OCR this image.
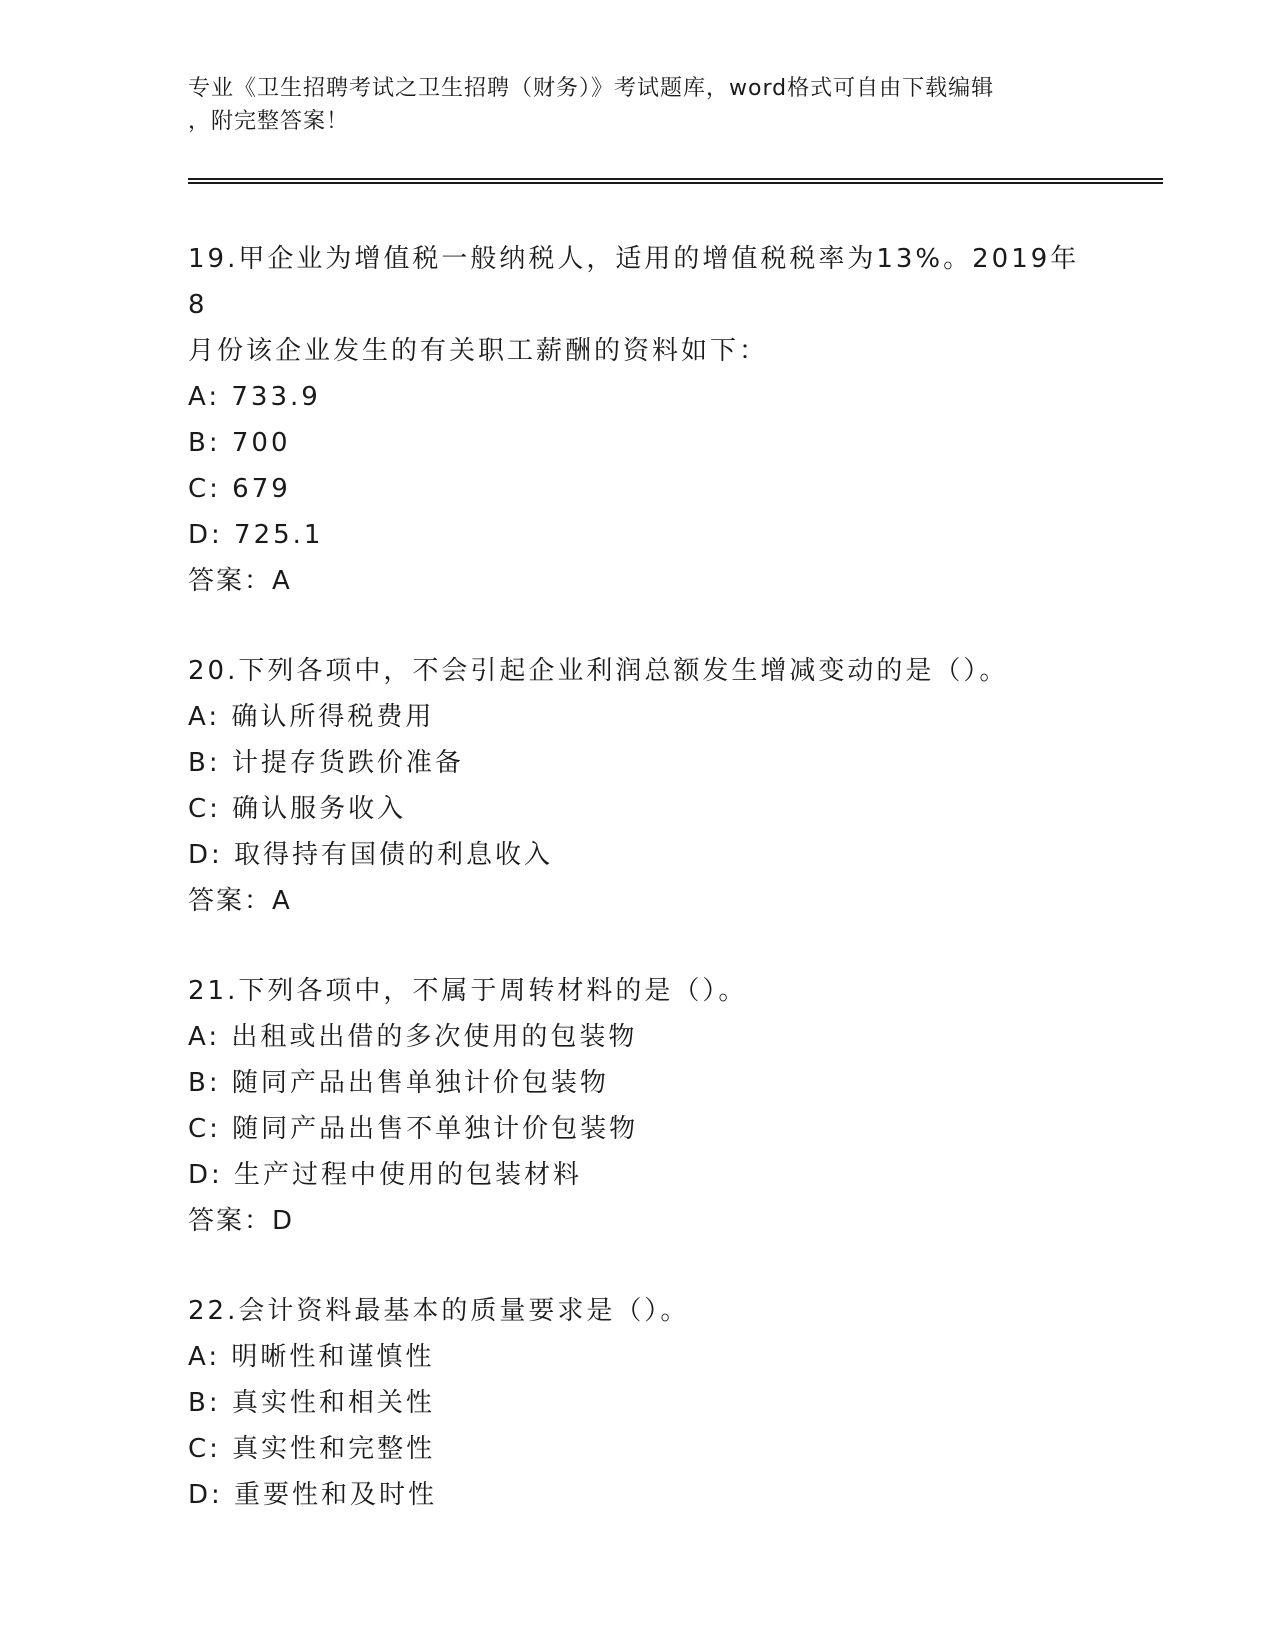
专业《卫生招聘考试之卫生招聘（财务）》考试题库，word格式可自由下载编辑
，附完整答案！

19.甲企业为增值税一般纳税人，适用的增值税税率为13%。2019年8

月份该企业发生的有关职工薪酬的资料如下：

A: 733.9

B: 700

C: 679

D: 725.1

答案：A

20.下列各项中，不会引起企业利润总额发生增减变动的是（）。

A: 确认所得税费用

B: 计提存货跌价准备

C: 确认服务收入

D: 取得持有国债的利息收入

答案：A

21.下列各项中，不属于周转材料的是（）。

A: 出租或出借的多次使用的包装物

B: 随同产品出售单独计价包装物

C: 随同产品出售不单独计价包装物

D: 生产过程中使用的包装材料

答案：D

22.会计资料最基本的质量要求是（）。

A: 明晰性和谨慎性

B: 真实性和相关性

C: 真实性和完整性

D: 重要性和及时性
